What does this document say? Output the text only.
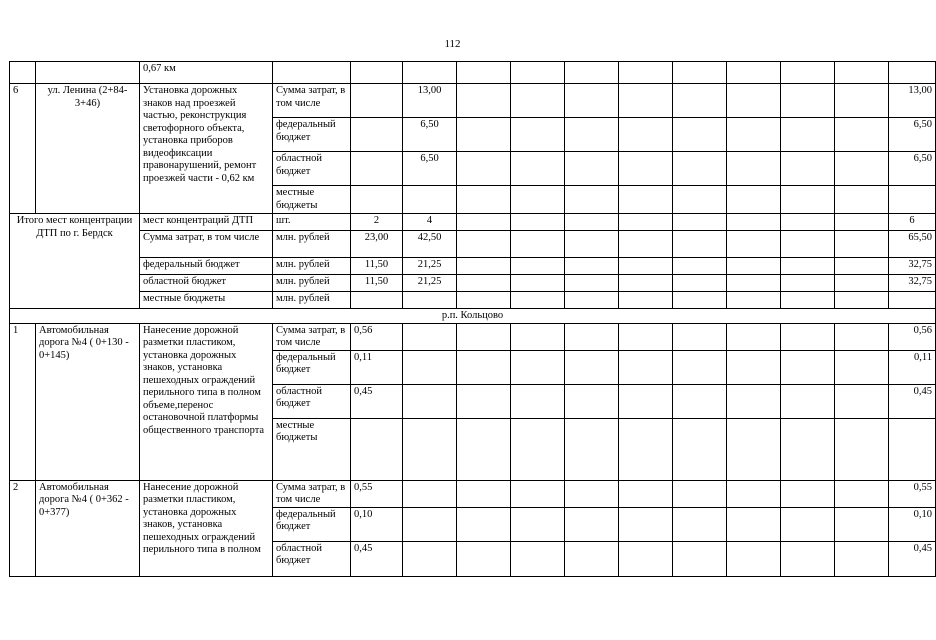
112
		0,67 км												
6	ул. Ленина (2+84-3+46)	Установка дорожных знаков над проезжей частью, реконструкция светофорного объекта, установка приборов видеофиксации правонарушений, ремонт проезжей части - 0,62 км	Сумма затрат, в том числе		13,00									13,00
			федеральный бюджет		6,50									6,50
			областной бюджет		6,50									6,50
			местные бюджеты											
Итого мест концентрации ДТП по г. Бердск		мест концентраций ДТП	шт.	2	4									6
		Сумма затрат, в том числе	млн. рублей	23,00	42,50									65,50
		федеральный бюджет	млн. рублей	11,50	21,25									32,75
		областной бюджет	млн. рублей	11,50	21,25									32,75
		местные бюджеты	млн. рублей											
р.п. Кольцово														
1	Автомобильная дорога №4 ( 0+130 - 0+145)	Нанесение дорожной разметки пластиком, установка дорожных знаков, установка пешеходных ограждений перильного типа в полном объеме,перенос остановочной платформы общественного транспорта	Сумма затрат, в том числе	0,56										0,56
			федеральный бюджет	0,11										0,11
			областной бюджет	0,45										0,45
			местные бюджеты											
2	Автомобильная дорога №4 ( 0+362 - 0+377)	Нанесение дорожной разметки пластиком, установка дорожных знаков, установка пешеходных ограждений перильного типа в полном	Сумма затрат, в том числе	0,55										0,55
			федеральный бюджет	0,10										0,10
			областной бюджет	0,45										0,45
